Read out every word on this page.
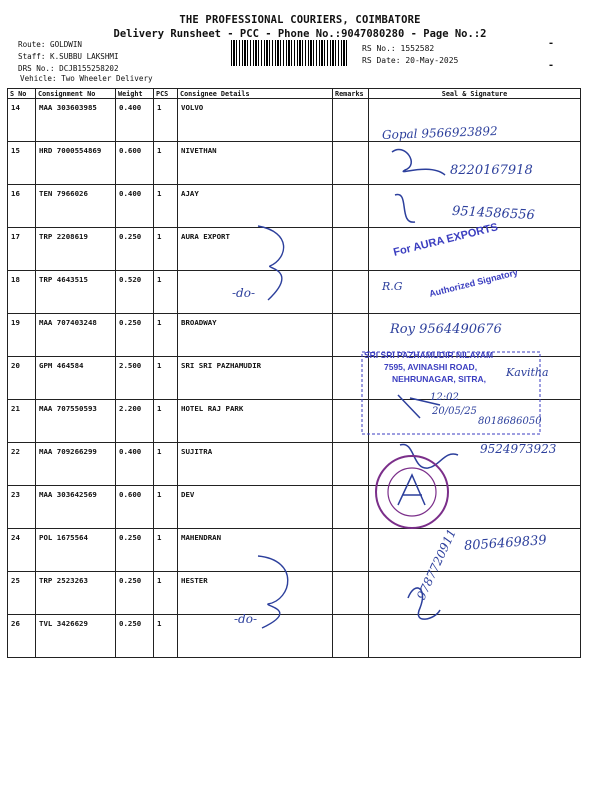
THE PROFESSIONAL COURIERS, COIMBATORE
Delivery Runsheet - PCC - Phone No.:9047080280 - Page No.:2
Route: GOLDWIN
Staff: K.SUBBU LAKSHMI
DRS No.: DCJB155258202
Vehicle: Two Wheeler Delivery
RS No.: 1552582
RS Date: 20-May-2025
-
-
S No	Consignment No	Weight	PCS	Consignee Details	Remarks	Seal & Signature
14	MAA 303603985	0.400	1	VOLVO		
15	HRD 7000554869	0.600	1	NIVETHAN		
16	TEN 7966026	0.400	1	AJAY		
17	TRP 2208619	0.250	1	AURA EXPORT		
18	TRP 4643515	0.520	1			
19	MAA 707403248	0.250	1	BROADWAY		
20	GPM 464584	2.500	1	SRI SRI PAZHAMUDIR		
21	MAA 707550593	2.200	1	HOTEL RAJ PARK		
22	MAA 709266299	0.400	1	SUJITRA		
23	MAA 303642569	0.600	1	DEV		
24	POL 1675564	0.250	1	MAHENDRAN		
25	TRP 2523263	0.250	1	HESTER		
26	TVL 3426629	0.250	1			
-do-
-do-
Gopal 9566923892
8220167918
9514586556
R.G
Roy 9564490676
Kavitha
9524973923
8056469839
9787720911
For AURA EXPORTS
Authorized Signatory
SRI SRI PAZHAMUDIR NILAYAM
7595, AVINASHI ROAD,
NEHRUNAGAR, SITRA,
12:02
20/05/25
8018686050
